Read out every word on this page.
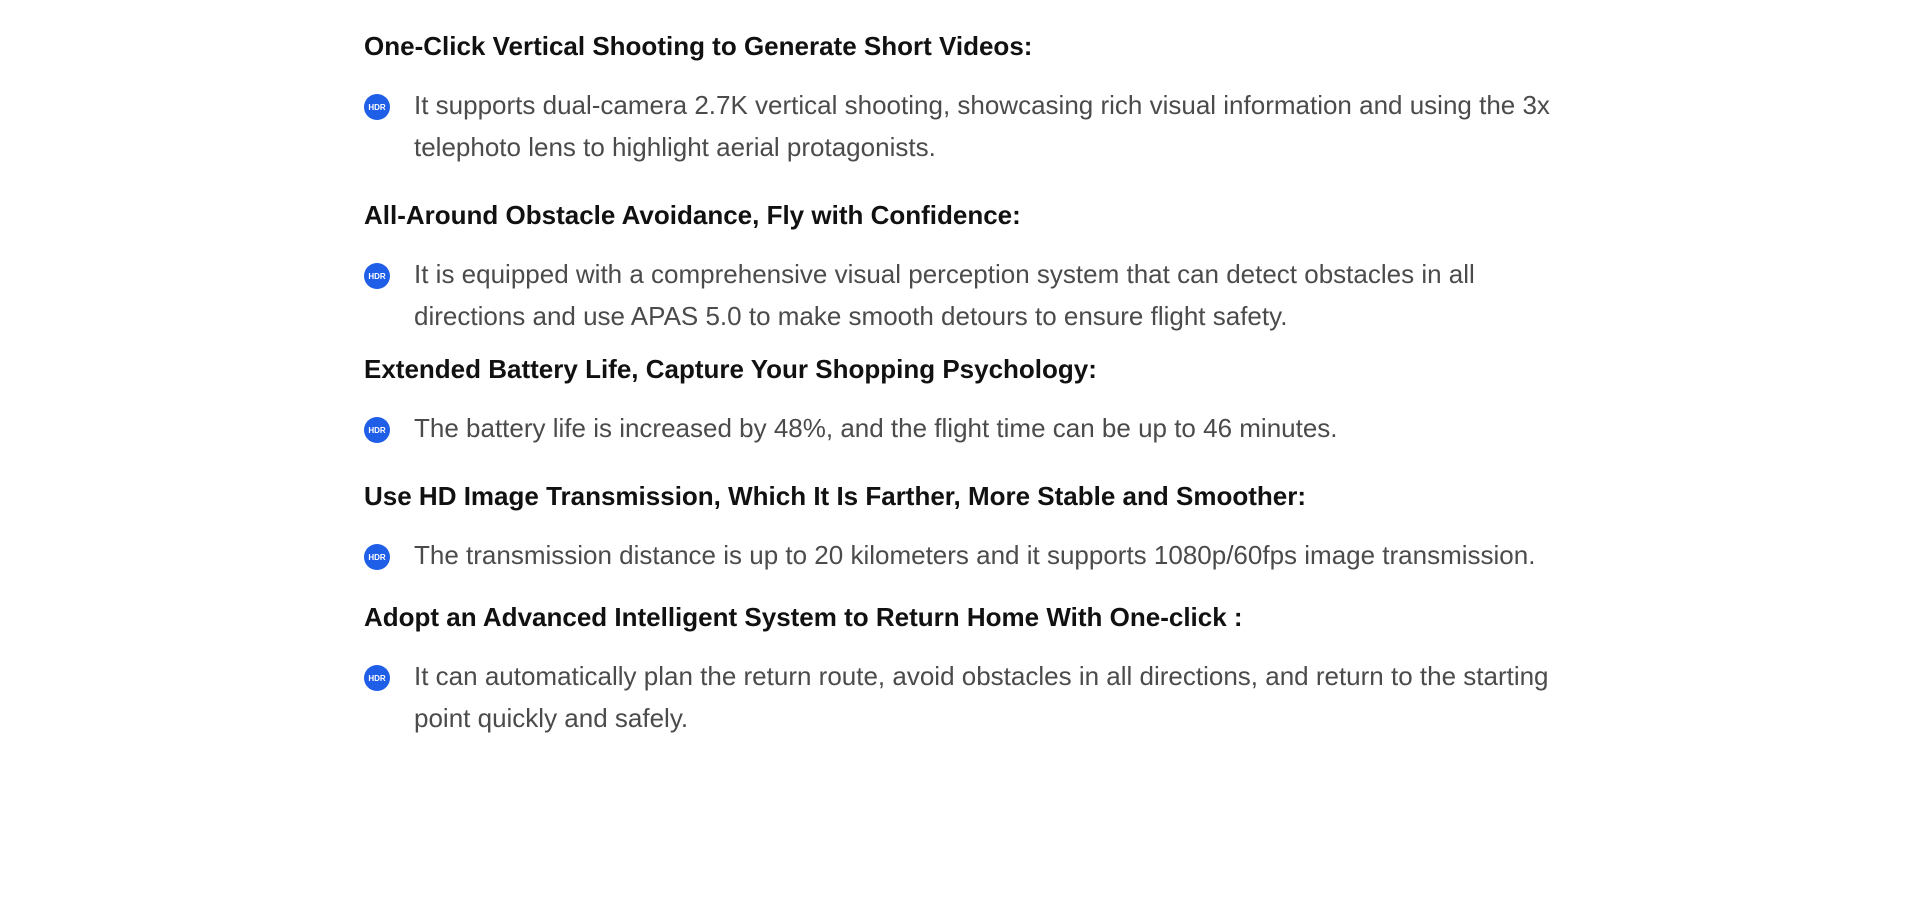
One-Click Vertical Shooting to Generate Short Videos:
HDR It supports dual-camera 2.7K vertical shooting, showcasing rich visual information and using the 3x telephoto lens to highlight aerial protagonists.
All-Around Obstacle Avoidance, Fly with Confidence:
HDR It is equipped with a comprehensive visual perception system that can detect obstacles in all directions and use APAS 5.0 to make smooth detours to ensure flight safety.
Extended Battery Life, Capture Your Shopping Psychology:
HDR The battery life is increased by 48%, and the flight time can be up to 46 minutes.
Use HD Image Transmission, Which It Is Farther, More Stable and Smoother:
HDR The transmission distance is up to 20 kilometers and it supports 1080p/60fps image transmission.
Adopt an Advanced Intelligent System to Return Home With One-click :
HDR It can automatically plan the return route, avoid obstacles in all directions, and return to the starting point quickly and safely.
